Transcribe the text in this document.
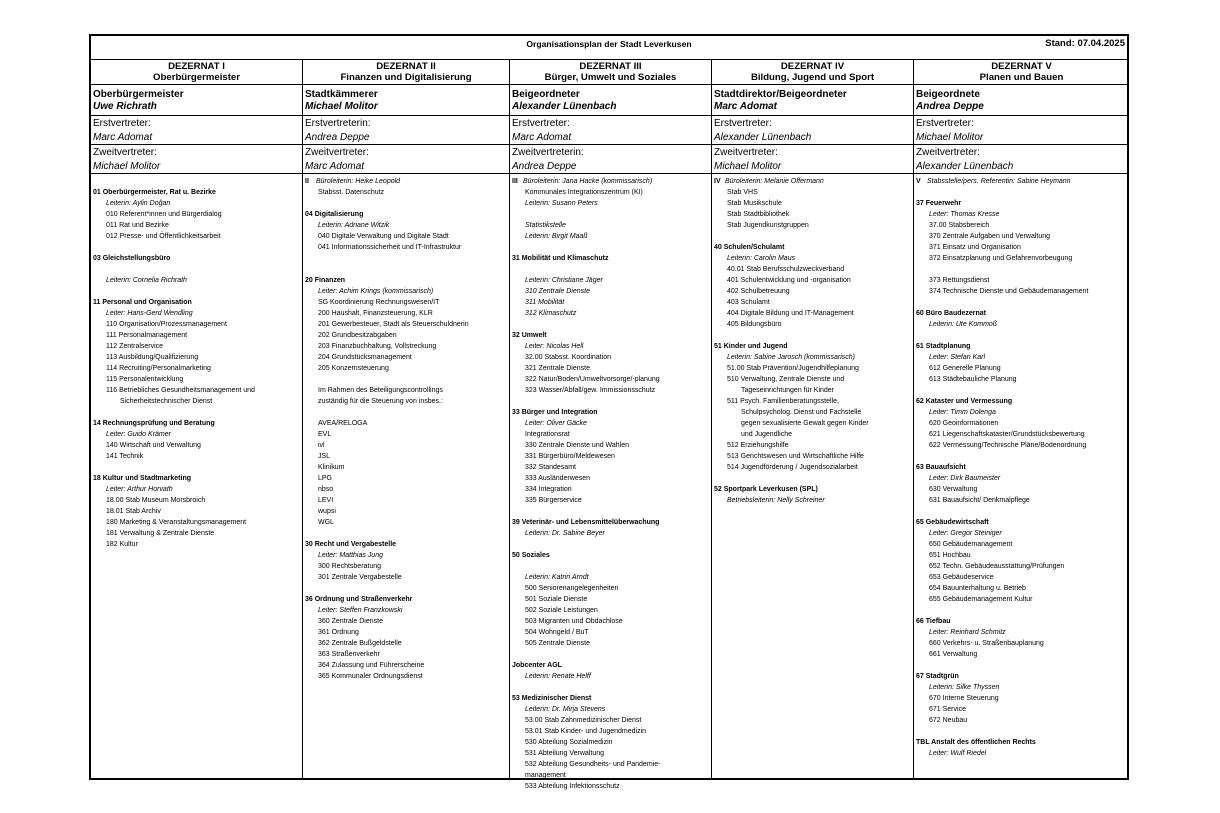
Organisationsplan der Stadt Leverkusen	Stand: 07.04.2025
DEZERNAT I
Oberbürgermeister
Oberbürgermeister
Uwe Richrath
Erstvertreter:
Marc Adomat
Zweitvertreter:
Michael Molitor
01 Oberbürgermeister, Rat u. Bezirke
Leiterin: Aylin Doğan
010 Referent*innen und Bürgerdialog
011 Rat und Bezirke
012 Presse- und Öffentlichkeitsarbeit
03 Gleichstellungsbüro
Leiterin: Cornelia Richrath
11 Personal und Organisation
Leiter: Hans-Gerd Wendling
110 Organisation/Prozessmanagement
111 Personalmanagement
112 Zentralservice
113 Ausbildung/Qualifizierung
114 Recruiting/Personalmarketing
115 Personalentwicklung
116 Betriebliches Gesundheitsmanagement und
Sicherheitstechnischer Dienst
14 Rechnungsprüfung und Beratung
Leiter: Guido Krämer
140 Wirtschaft und Verwaltung
141 Technik
18 Kultur und Stadtmarketing
Leiter: Arthur Horvath
18.00 Stab Museum Morsbroich
18.01 Stab Archiv
180 Marketing & Veranstaltungsmanagement
181 Verwaltung & Zentrale Dienste
182 Kultur
DEZERNAT II
Finanzen und Digitalisierung
Stadtkämmerer
Michael Molitor
Erstvertreterin:
Andrea Deppe
Zweitvertreter:
Marc Adomat
II Büroleiterin: Heike Leopold
Stabsst. Datenschutz
04 Digitalisierung
Leiterin: Adriane Witzik
040 Digitale Verwaltung und Digitale Stadt
041 Informationssicherheit und IT-Infrastruktur
20 Finanzen
Leiter: Achim Krings (kommissarisch)
SG Koordinierung Rechnungswesen/IT
200 Haushalt, Finanzsteuerung, KLR
201 Gewerbesteuer, Stadt als Steuerschuldnerin
202 Grundbesitzabgaben
203 Finanzbuchhaltung, Vollstreckung
204 Grundstücksmanagement
205 Konzernsteuerung
Im Rahmen des Beteiligungscontrollings
zuständig für die Steuerung von insbes.:
AVEA/RELOGA
EVL
ivl
JSL
Klinikum
LPG
nbso
LEVI
wupsi
WGL
30 Recht und Vergabestelle
Leiter: Matthias Jung
300 Rechtsberatung
301 Zentrale Vergabestelle
36 Ordnung und Straßenverkehr
Leiter: Steffen Franzkowski
360 Zentrale Dienste
361 Ordnung
362 Zentrale Bußgeldstelle
363 Straßenverkehr
364 Zulassung und Führerscheine
365 Kommunaler Ordnungsdienst
DEZERNAT III
Bürger, Umwelt und Soziales
Beigeordneter
Alexander Lünenbach
Erstvertreter:
Marc Adomat
Zweitvertreterin:
Andrea Deppe
III Büroleiterin: Jana Hacke (kommissarisch)
Kommunales Integrationszentrum (KI)
Leiterin: Susann Peters
Statistikstelle
Leiterin: Birgit Maaß
31 Mobilität und Klimaschutz
Leiterin: Christiane Jäger
310 Zentrale Dienste
311 Mobilität
312 Klimaschutz
32 Umwelt
Leiter: Nicolas Hell
32.00 Stabsst. Koordination
321 Zentrale Dienste
322 Natur/Boden/Umweltvorsorge/-planung
323 Wasser/Abfall/gew. Immissionsschutz
33 Bürger und Integration
Leiter: Oliver Gäcke
Integrationsrat
330 Zentrale Dienste und Wahlen
331 Bürgerbüro/Meldewesen
332 Standesamt
333 Ausländerwesen
334 Integration
335 Bürgerservice
39 Veterinär- und Lebensmittelüberwachung
Leiterin: Dr. Sabine Beyer
50 Soziales
Leiterin: Katrin Arndt
500 Seniorenangelegenheiten
501 Soziale Dienste
502 Soziale Leistungen
503 Migranten und Obdachlose
504 Wohngeld / BuT
505 Zentrale Dienste
Jobcenter AGL
Leiterin: Renate Helff
53 Medizinischer Dienst
Leiterin: Dr. Mirja Stevens
53.00 Stab Zahnmedizinischer Dienst
53.01 Stab Kinder- und Jugendmedizin
530 Abteilung Sozialmedizin
531 Abteilung Verwaltung
532 Abteilung Gesundheits- und Pandemie-
management
533 Abteilung Infektionsschutz
DEZERNAT IV
Bildung, Jugend und Sport
Stadtdirektor/Beigeordneter
Marc Adomat
Erstvertreter:
Alexander Lünenbach
Zweitvertreter:
Michael Molitor
IV Büroleiterin: Melanie Offermann
Stab VHS
Stab Musikschule
Stab Stadtbibliothek
Stab Jugendkunstgruppen
40 Schulen/Schulamt
Leiterin: Carolin Maus
40.01 Stab Berufsschulzweckverband
401 Schulentwicklung und -organisation
402 Schulbetreuung
403 Schulamt
404 Digitale Bildung und IT-Management
405 Bildungsbüro
51 Kinder und Jugend
Leiterin: Sabine Jarosch (kommissarisch)
51.00 Stab Prävention/Jugendhilfeplanung
510 Verwaltung, Zentrale Dienste und
Tageseinrichtungen für Kinder
511 Psych. Familienberatungsstelle,
Schulpsycholog. Dienst und Fachstelle
gegen sexualisierte Gewalt gegen Kinder
und Jugendliche
512 Erziehungshilfe
513 Gerichtswesen und Wirtschaftliche Hilfe
514 Jugendförderung / Jugendsozialarbeit
52 Sportpark Leverkusen (SPL)
Betriebsleiterin: Nelly Schreiner
DEZERNAT V
Planen und Bauen
Beigeordnete
Andrea Deppe
Erstvertreter:
Michael Molitor
Zweitvertreter:
Alexander Lünenbach
V Stabsstelle/pers. Referentin: Sabine Heymann
37 Feuerwehr
Leiter: Thomas Kresse
37.00 Stabsbereich
370 Zentrale Aufgaben und Verwaltung
371 Einsatz und Organisation
372 Einsatzplanung und Gefahrenvorbeugung
373 Rettungsdienst
374 Technische Dienste und Gebäudemanagement
60 Büro Baudezernat
Leiterin: Ute Kommoß
61 Stadtplanung
Leiter: Stefan Karl
612 Generelle Planung
613 Städtebauliche Planung
62 Kataster und Vermessung
Leiter: Timm Dolenga
620 Geoinformationen
621 Liegenschaftskataster/Grundstücksbewertung
622 Vermessung/Technische Pläne/Bodenordnung
63 Bauaufsicht
Leiter: Dirk Baumeister
630 Verwaltung
631 Bauaufsicht/ Denkmalpflege
65 Gebäudewirtschaft
Leiter: Gregor Steiniger
650 Gebäudemanagement
651 Hochbau
652 Techn. Gebäudeausstattung/Prüfungen
653 Gebäudeservice
654 Bauunterhaltung u. Betrieb
655 Gebäudemanagement Kultur
66 Tiefbau
Leiter: Reinhard Schmitz
660 Verkehrs- u. Straßenbauplanung
661 Verwaltung
67 Stadtgrün
Leiterin: Silke Thyssen
670 Interne Steuerung
671 Service
672 Neubau
TBL Anstalt des öffentlichen Rechts
Leiter: Wulf Riedel
